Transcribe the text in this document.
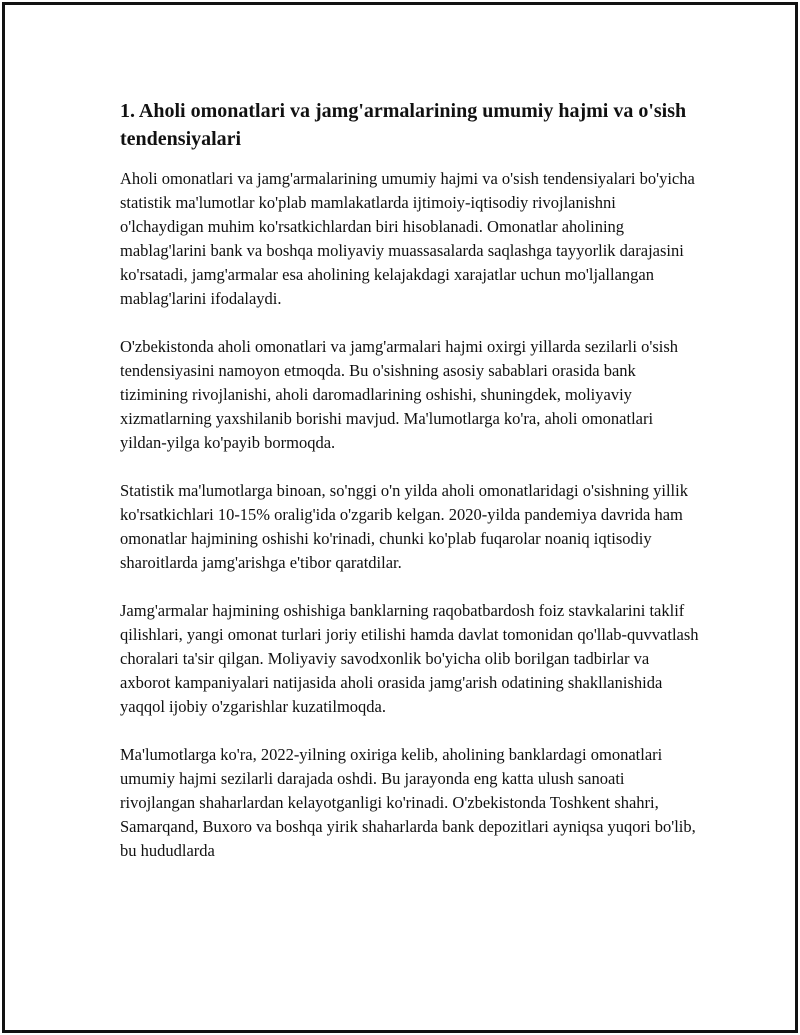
1. Aholi omonatlari va jamg'armalarining umumiy hajmi va o'sish tendensiyalari

Aholi omonatlari va jamg'armalarining umumiy hajmi va o'sish tendensiyalari bo'yicha statistik ma'lumotlar ko'plab mamlakatlarda ijtimoiy-iqtisodiy rivojlanishni o'lchaydigan muhim ko'rsatkichlardan biri hisoblanadi. Omonatlar aholining mablag'larini bank va boshqa moliyaviy muassasalarda saqlashga tayyorlik darajasini ko'rsatadi, jamg'armalar esa aholining kelajakdagi xarajatlar uchun mo'ljallangan mablag'larini ifodalaydi.

O'zbekistonda aholi omonatlari va jamg'armalari hajmi oxirgi yillarda sezilarli o'sish tendensiyasini namoyon etmoqda. Bu o'sishning asosiy sabablari orasida bank tizimining rivojlanishi, aholi daromadlarining oshishi, shuningdek, moliyaviy xizmatlarning yaxshilanib borishi mavjud. Ma'lumotlarga ko'ra, aholi omonatlari yildan-yilga ko'payib bormoqda.

Statistik ma'lumotlarga binoan, so'nggi o'n yilda aholi omonatlaridagi o'sishning yillik ko'rsatkichlari 10-15% oralig'ida o'zgarib kelgan. 2020-yilda pandemiya davrida ham omonatlar hajmining oshishi ko'rinadi, chunki ko'plab fuqarolar noaniq iqtisodiy sharoitlarda jamg'arishga e'tibor qaratdilar.

Jamg'armalar hajmining oshishiga banklarning raqobatbardosh foiz stavkalarini taklif qilishlari, yangi omonat turlari joriy etilishi hamda davlat tomonidan qo'llab-quvvatlash choralari ta'sir qilgan. Moliyaviy savodxonlik bo'yicha olib borilgan tadbirlar va axborot kampaniyalari natijasida aholi orasida jamg'arish odatining shakllanishida yaqqol ijobiy o'zgarishlar kuzatilmoqda.

Ma'lumotlarga ko'ra, 2022-yilning oxiriga kelib, aholining banklardagi omonatlari umumiy hajmi sezilarli darajada oshdi. Bu jarayonda eng katta ulush sanoati rivojlangan shaharlardan kelayotganligi ko'rinadi. O'zbekistonda Toshkent shahri, Samarqand, Buxoro va boshqa yirik shaharlarda bank depozitlari ayniqsa yuqori bo'lib, bu hududlarda
